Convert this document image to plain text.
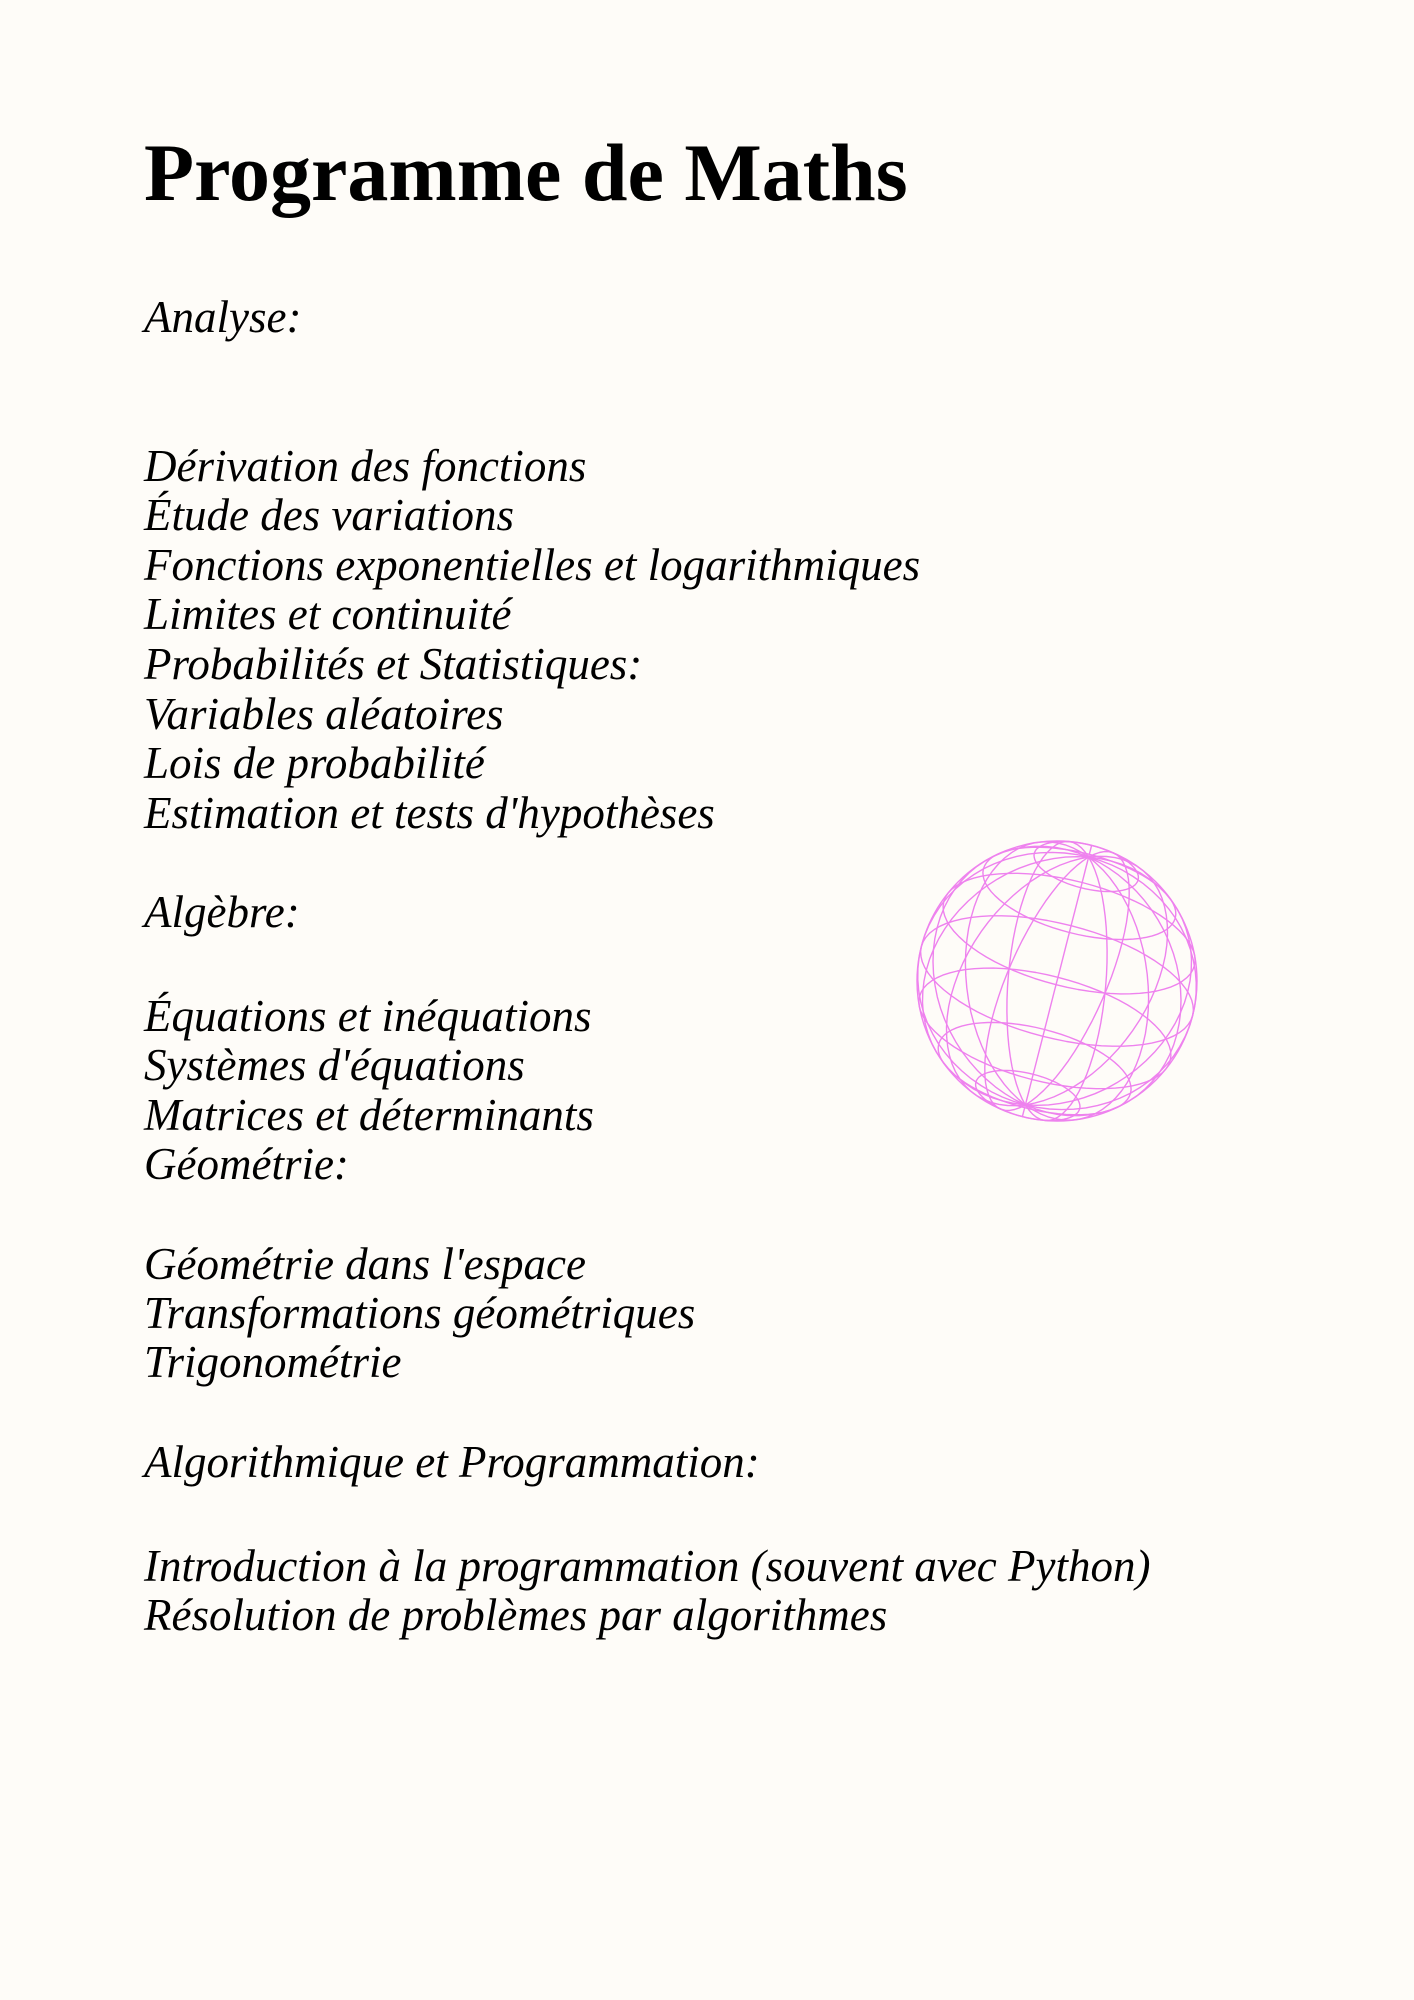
Programme de Maths

Analyse:

Dérivation des fonctions

Étude des variations

Fonctions exponentielles et logarithmiques

Limites et continuité

Probabilités et Statistiques:

Variables aléatoires

Lois de probabilité

Estimation et tests d'hypothèses

Algèbre:

Équations et inéquations

Systèmes d'équations

Matrices et déterminants

Géométrie:

Géométrie dans l'espace

Transformations géométriques

Trigonométrie

Algorithmique et Programmation:

Introduction à la programmation (souvent avec Python)

Résolution de problèmes par algorithmes
